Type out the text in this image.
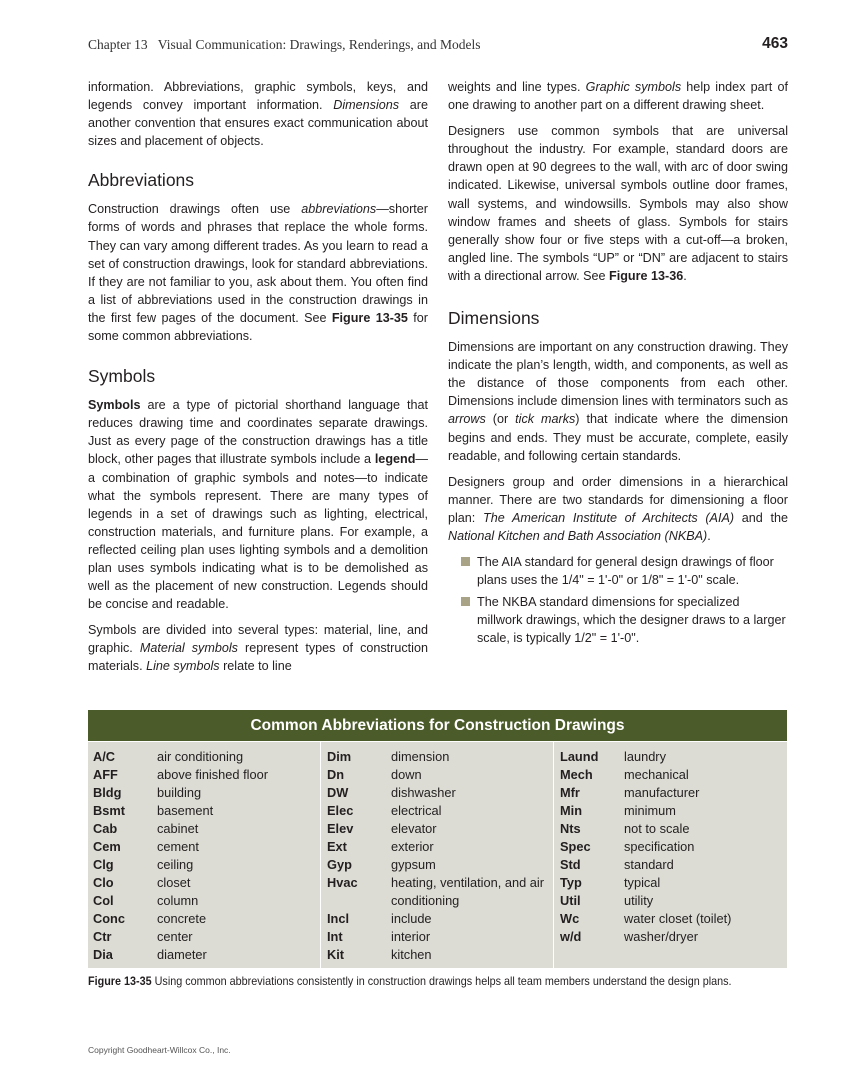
Chapter 13 Visual Communication: Drawings, Renderings, and Models	463

information. Abbreviations, graphic symbols, keys, and legends convey important information. Dimensions are another convention that ensures exact communication about sizes and placement of objects.

Abbreviations

Construction drawings often use abbreviations—shorter forms of words and phrases that replace the whole forms. They can vary among different trades. As you learn to read a set of construction drawings, look for standard abbreviations. If they are not familiar to you, ask about them. You often find a list of abbreviations used in the construction drawings in the first few pages of the document. See Figure 13-35 for some common abbreviations.

Symbols

Symbols are a type of pictorial shorthand language that reduces drawing time and coordinates separate drawings. Just as every page of the construction drawings has a title block, other pages that illustrate symbols include a legend—a combination of graphic symbols and notes—to indicate what the symbols represent. There are many types of legends in a set of drawings such as lighting, electrical, construction materials, and furniture plans. For example, a reflected ceiling plan uses lighting symbols and a demolition plan uses symbols indicating what is to be demolished as well as the placement of new construction. Legends should be concise and readable.

Symbols are divided into several types: material, line, and graphic. Material symbols represent types of construction materials. Line symbols relate to line

weights and line types. Graphic symbols help index part of one drawing to another part on a different drawing sheet.

Designers use common symbols that are universal throughout the industry. For example, standard doors are drawn open at 90 degrees to the wall, with arc of door swing indicated. Likewise, universal symbols outline door frames, wall systems, and windowsills. Symbols may also show window frames and sheets of glass. Symbols for stairs generally show four or five steps with a cut-off—a broken, angled line. The symbols “UP” or “DN” are adjacent to stairs with a directional arrow. See Figure 13-36.

Dimensions

Dimensions are important on any construction drawing. They indicate the plan’s length, width, and components, as well as the distance of those components from each other. Dimensions include dimension lines with terminators such as arrows (or tick marks) that indicate where the dimension begins and ends. They must be accurate, complete, easily readable, and following certain standards.

Designers group and order dimensions in a hierarchical manner. There are two standards for dimensioning a floor plan: The American Institute of Architects (AIA) and the National Kitchen and Bath Association (NKBA).

The AIA standard for general design drawings of floor plans uses the 1/4" = 1'-0" or 1/8" = 1'-0" scale.
The NKBA standard dimensions for specialized millwork drawings, which the designer draws to a larger scale, is typically 1/2" = 1'-0".
Common Abbreviations for Construction Drawings
A/C	air conditioning
AFF	above finished floor
Bldg	building
Bsmt	basement
Cab	cabinet
Cem	cement
Clg	ceiling
Clo	closet
Col	column
Conc	concrete
Ctr	center
Dia	diameter
Dim	dimension
Dn	down
DW	dishwasher
Elec	electrical
Elev	elevator
Ext	exterior
Gyp	gypsum
Hvac	heating, ventilation, and air conditioning
Incl	include
Int	interior
Kit	kitchen
Laund	laundry
Mech	mechanical
Mfr	manufacturer
Min	minimum
Nts	not to scale
Spec	specification
Std	standard
Typ	typical
Util	utility
Wc	water closet (toilet)
w/d	washer/dryer
Figure 13-35 Using common abbreviations consistently in construction drawings helps all team members understand the design plans.
Copyright Goodheart-Willcox Co., Inc.
